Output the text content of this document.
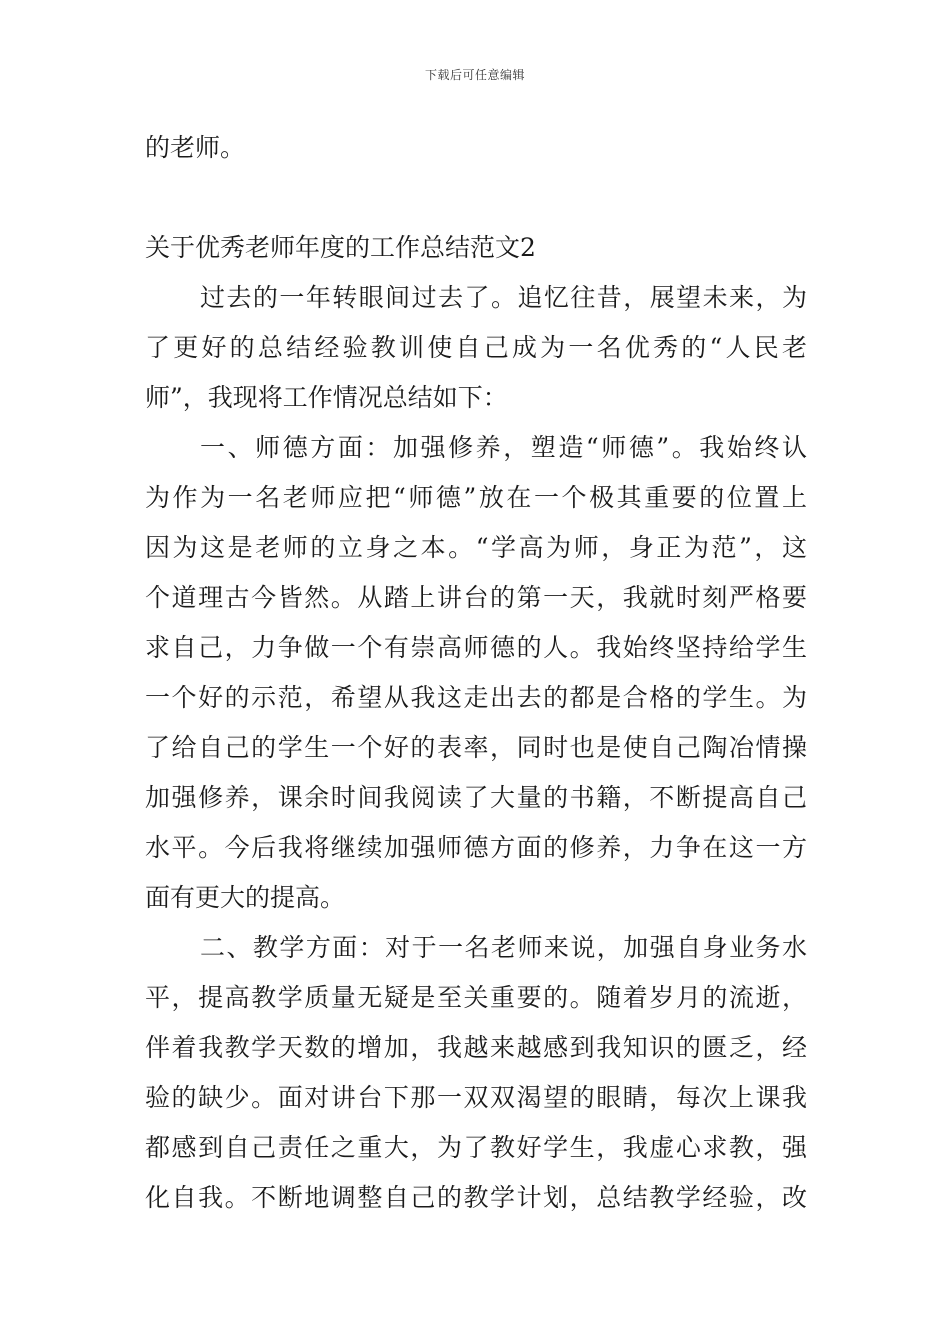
下载后可任意编辑
的老师。
关于优秀老师年度的工作总结范文2
过去的一年转眼间过去了。追忆往昔，展望未来，为
了更好的总结经验教训使自己成为一名优秀的“人民老
师”，我现将工作情况总结如下：
一、师德方面：加强修养，塑造“师德”。我始终认
为作为一名老师应把“师德”放在一个极其重要的位置上
因为这是老师的立身之本。“学高为师，身正为范”，这
个道理古今皆然。从踏上讲台的第一天，我就时刻严格要
求自己，力争做一个有崇高师德的人。我始终坚持给学生
一个好的示范，希望从我这走出去的都是合格的学生。为
了给自己的学生一个好的表率，同时也是使自己陶冶情操
加强修养，课余时间我阅读了大量的书籍，不断提高自己
水平。今后我将继续加强师德方面的修养，力争在这一方
面有更大的提高。
二、教学方面：对于一名老师来说，加强自身业务水
平，提高教学质量无疑是至关重要的。随着岁月的流逝，
伴着我教学天数的增加，我越来越感到我知识的匮乏，经
验的缺少。面对讲台下那一双双渴望的眼睛，每次上课我
都感到自己责任之重大，为了教好学生，我虚心求教，强
化自我。不断地调整自己的教学计划，总结教学经验，改
